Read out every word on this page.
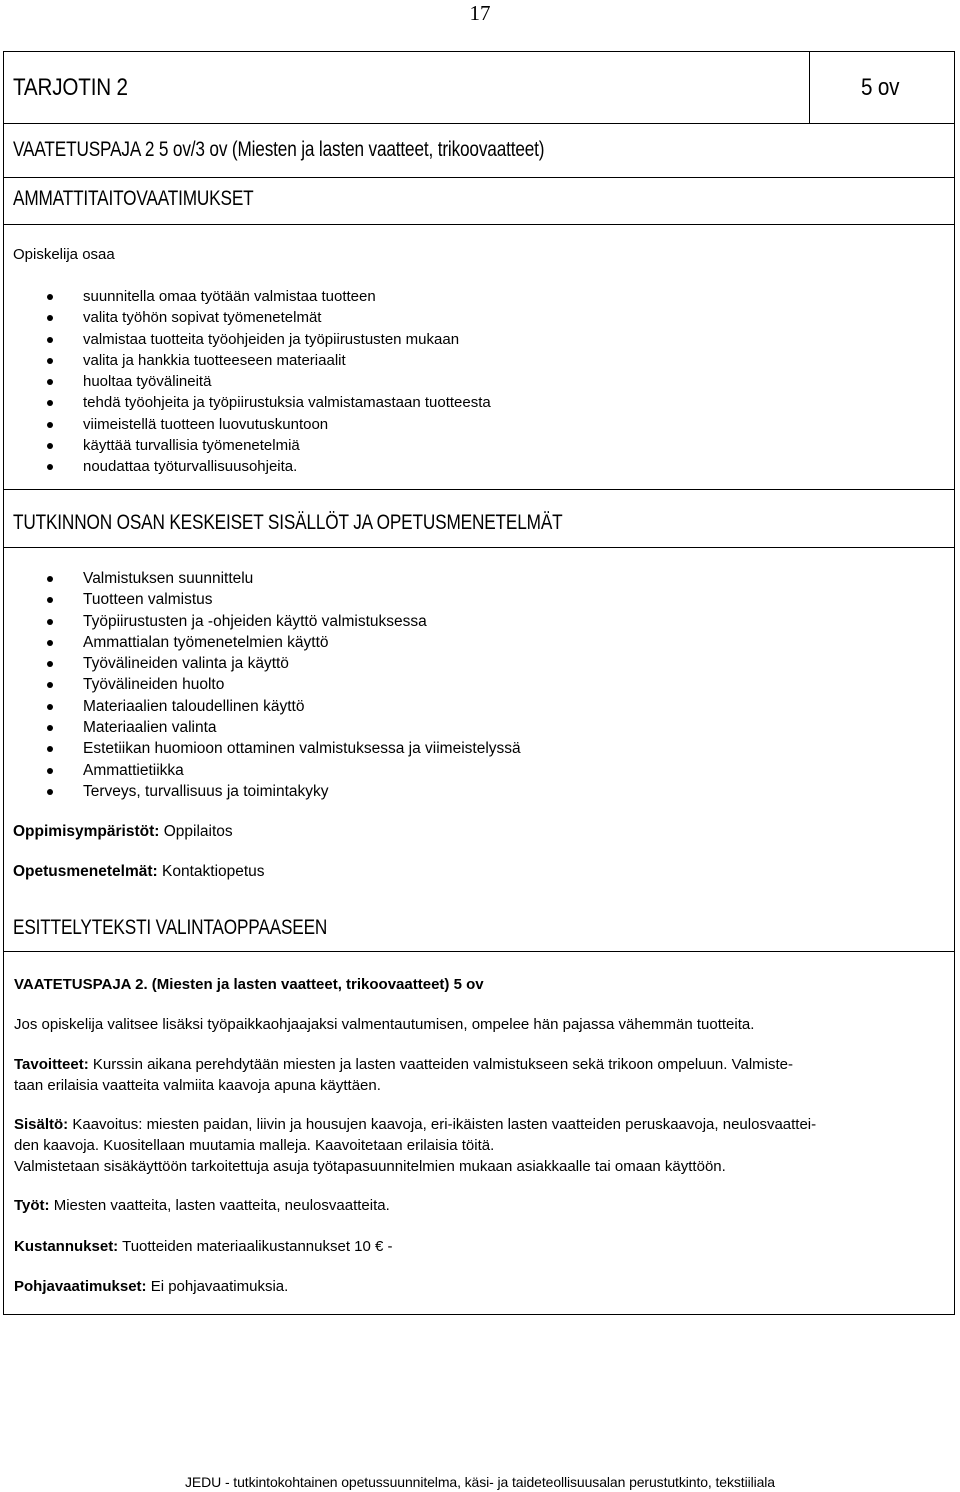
17
TARJOTIN 2	5 ov
VAATETUSPAJA 2 5 ov/3 ov (Miesten ja lasten vaatteet, trikoovaatteet)
AMMATTITAITOVAATIMUKSET
Opiskelija osaa
suunnitella omaa työtään valmistaa tuotteen
valita työhön sopivat työmenetelmät
valmistaa tuotteita työohjeiden ja työpiirustusten mukaan
valita ja hankkia tuotteeseen materiaalit
huoltaa työvälineitä
tehdä työohjeita ja työpiirustuksia valmistamastaan tuotteesta
viimeistellä tuotteen luovutuskuntoon
käyttää turvallisia työmenetelmiä
noudattaa työturvallisuusohjeita.
TUTKINNON OSAN KESKEISET SISÄLLÖT JA OPETUSMENETELMÄT
Valmistuksen suunnittelu
Tuotteen valmistus
Työpiirustusten ja -ohjeiden käyttö valmistuksessa
Ammattialan työmenetelmien käyttö
Työvälineiden valinta ja käyttö
Työvälineiden huolto
Materiaalien taloudellinen käyttö
Materiaalien valinta
Estetiikan huomioon ottaminen valmistuksessa ja viimeistelyssä
Ammattietiikka
Terveys, turvallisuus ja toimintakyky
Oppimisympäristöt: Oppilaitos
Opetusmenetelmät: Kontaktiopetus
ESITTELYTEKSTI VALINTAOPPAASEEN
VAATETUSPAJA 2. (Miesten ja lasten vaatteet, trikoovaatteet) 5 ov
Jos opiskelija valitsee lisäksi työpaikkaohjaajaksi valmentautumisen, ompelee hän pajassa vähemmän tuotteita.
Tavoitteet: Kurssin aikana perehdytään miesten ja lasten vaatteiden valmistukseen sekä trikoon ompeluun. Valmiste-
taan erilaisia vaatteita valmiita kaavoja apuna käyttäen.
Sisältö: Kaavoitus: miesten paidan, liivin ja housujen kaavoja, eri-ikäisten lasten vaatteiden peruskaavoja, neulosvaattei-
den kaavoja. Kuositellaan muutamia malleja. Kaavoitetaan erilaisia töitä.
Valmistetaan sisäkäyttöön tarkoitettuja asuja työtapasuunnitelmien mukaan asiakkaalle tai omaan käyttöön.
Työt: Miesten vaatteita, lasten vaatteita, neulosvaatteita.
Kustannukset: Tuotteiden materiaalikustannukset 10 € -
Pohjavaatimukset: Ei pohjavaatimuksia.
JEDU - tutkintokohtainen opetussuunnitelma, käsi- ja taideteollisuusalan perustutkinto, tekstiiliala
